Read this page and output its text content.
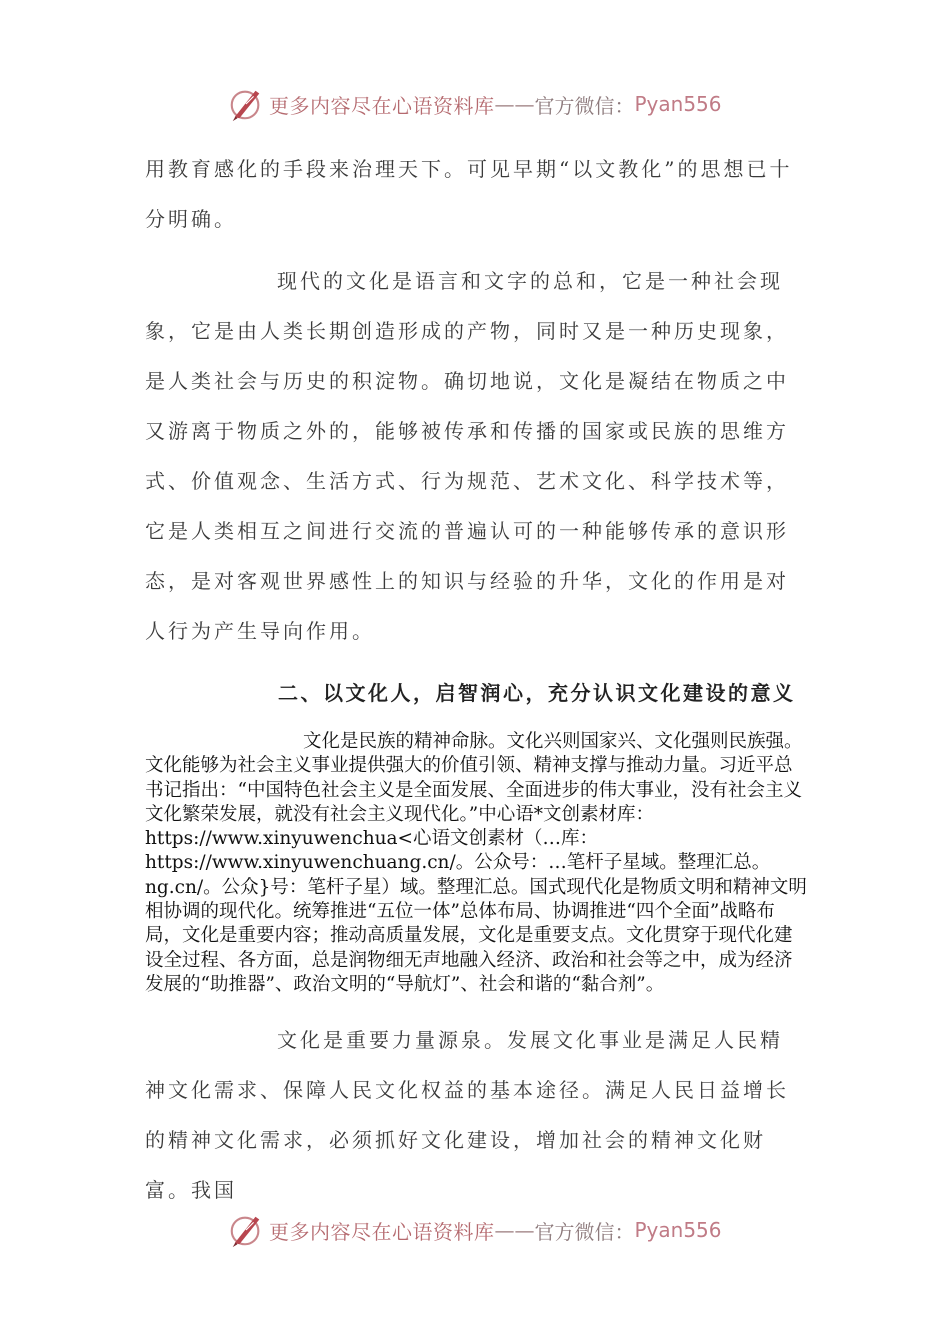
更多内容尽在心语资料库 —— 官方微信： Pyan556

用教育感化的手段来治理天下。可见早期“以文教化”的思想已十分明确。

现代的文化是语言和文字的总和，它是一种社会现象，它是由人类长期创造形成的产物，同时又是一种历史现象，是人类社会与历史的积淀物。确切地说，文化是凝结在物质之中又游离于物质之外的，能够被传承和传播的国家或民族的思维方式、价值观念、生活方式、行为规范、艺术文化、科学技术等，它是人类相互之间进行交流的普遍认可的一种能够传承的意识形态，是对客观世界感性上的知识与经验的升华，文化的作用是对人行为产生导向作用。

二、以文化人，启智润心，充分认识文化建设的意义

文化是民族的精神命脉。文化兴则国家兴、文化强则民族强。文化能够为社会主义事业提供强大的价值引领、精神支撑与推动力量。习近平总书记指出：“中国特色社会主义是全面发展、全面进步的伟大事业，没有社会主义文化繁荣发展，就没有社会主义现代化。”中心语*文创素材库：https://www.xinyuwenchua<心语文创素材（…库：https://www.xinyuwenchuang.cn/。公众号：…笔杆子星域。整理汇总。ng.cn/。公众}号：笔杆子星）域。整理汇总。国式现代化是物质文明和精神文明相协调的现代化。统筹推进“五位一体”总体布局、协调推进“四个全面”战略布局，文化是重要内容；推动高质量发展，文化是重要支点。文化贯穿于现代化建设全过程、各方面，总是润物细无声地融入经济、政治和社会等之中，成为经济发展的“助推器”、政治文明的“导航灯”、社会和谐的“黏合剂”。

文化是重要力量源泉。发展文化事业是满足人民精神文化需求、保障人民文化权益的基本途径。满足人民日益增长的精神文化需求，必须抓好文化建设，增加社会的精神文化财富。我国

更多内容尽在心语资料库 —— 官方微信： Pyan556
